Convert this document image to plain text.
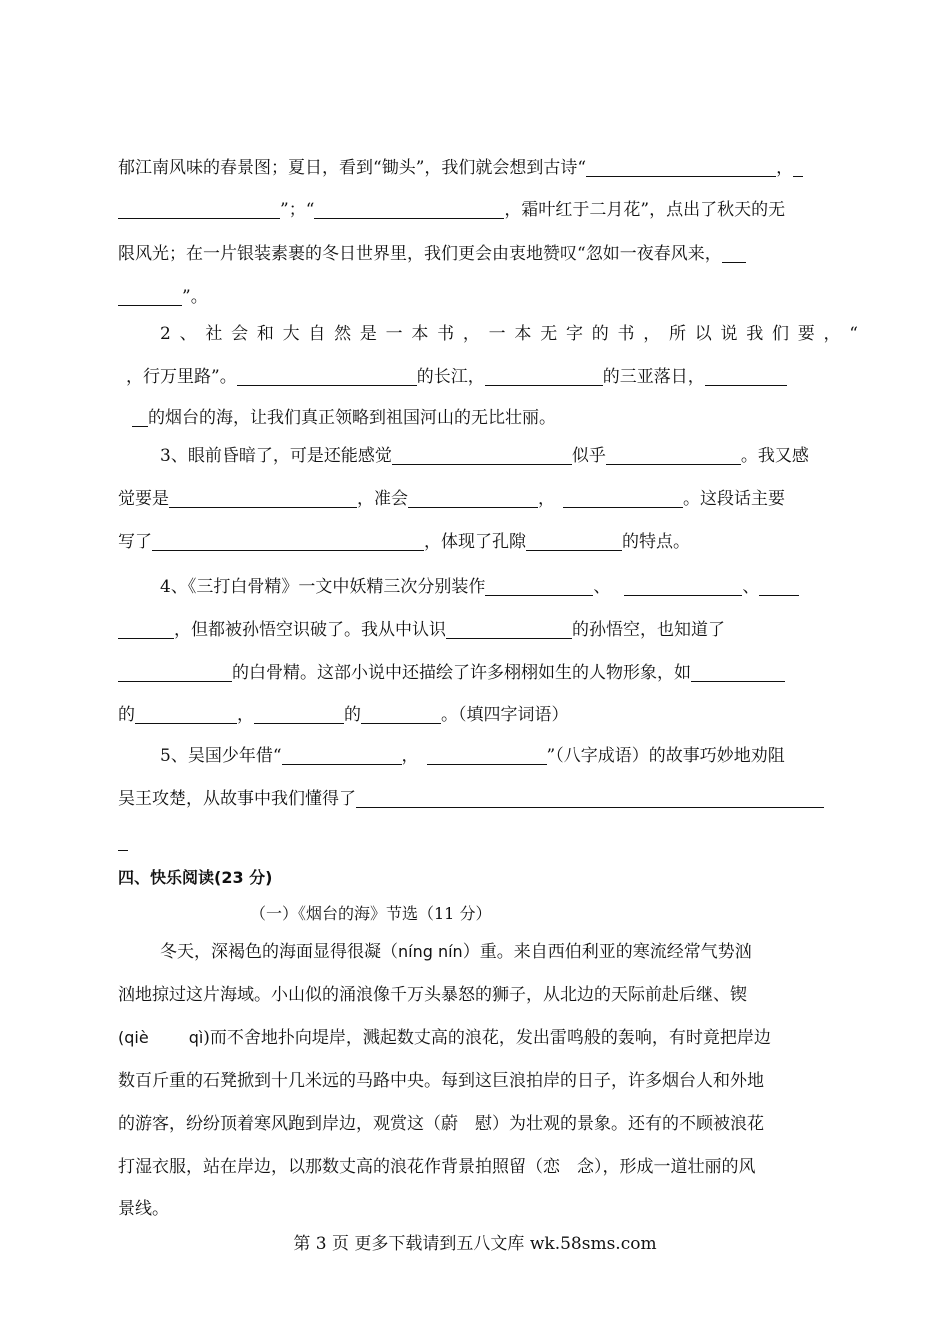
郁江南风味的春景图；夏日，看到“锄头”，我们就会想到古诗“	，
”；“	，霜叶红于二月花”，点出了秋天的无
限风光；在一片银装素裹的冬日世界里，我们更会由衷地赞叹“忽如一夜春风来，
”。
2、社会和大自然是一本书，一本无字的书，所以说我们要，“
，行万里路”。	的长江，	的三亚落日，
的烟台的海，让我们真正领略到祖国河山的无比壮丽。
3、眼前昏暗了，可是还能感觉	似乎	。我又感
觉要是	，准会	，	。这段话主要
写了	，体现了孔隙	的特点。
4、《三打白骨精》一文中妖精三次分别装作	、	、
，但都被孙悟空识破了。我从中认识	的孙悟空，也知道了
的白骨精。这部小说中还描绘了许多栩栩如生的人物形象，如
的	，	的	。（填四字词语）
5、吴国少年借“	，	”（八字成语）的故事巧妙地劝阻
吴王攻楚，从故事中我们懂得了
四、快乐阅读(23 分)
（一）《烟台的海》节选（11 分）
冬天，深褐色的海面显得很凝（níng nín）重。来自西伯利亚的寒流经常气势汹
汹地掠过这片海域。小山似的涌浪像千万头暴怒的狮子，从北边的天际前赴后继、锲
(qiè	qì)而不舍地扑向堤岸，溅起数丈高的浪花，发出雷鸣般的轰响，有时竟把岸边
数百斤重的石凳掀到十几米远的马路中央。每到这巨浪拍岸的日子，许多烟台人和外地
的游客，纷纷顶着寒风跑到岸边，观赏这（蔚　慰）为壮观的景象。还有的不顾被浪花
打湿衣服，站在岸边，以那数丈高的浪花作背景拍照留（恋　念），形成一道壮丽的风
景线。
第 3 页 更多下载请到五八文库 wk.58sms.com
